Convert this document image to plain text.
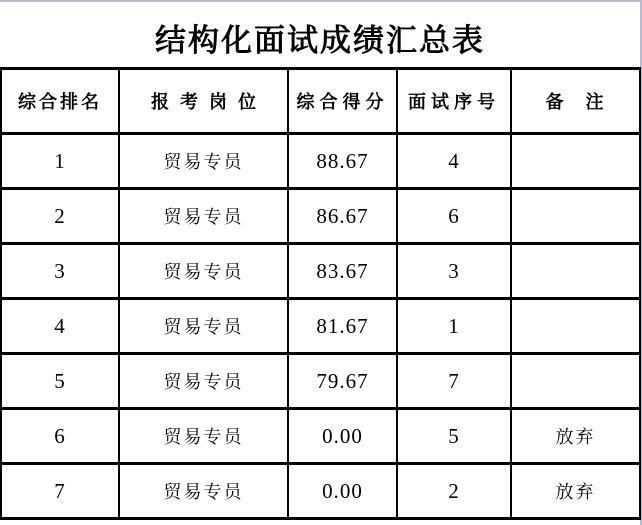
结构化面试成绩汇总表
综合排名	报考岗位	综合得分	面试序号	备　注
1	贸易专员	88.67	4	
2	贸易专员	86.67	6	
3	贸易专员	83.67	3	
4	贸易专员	81.67	1	
5	贸易专员	79.67	7	
6	贸易专员	0.00	5	放弃
7	贸易专员	0.00	2	放弃
